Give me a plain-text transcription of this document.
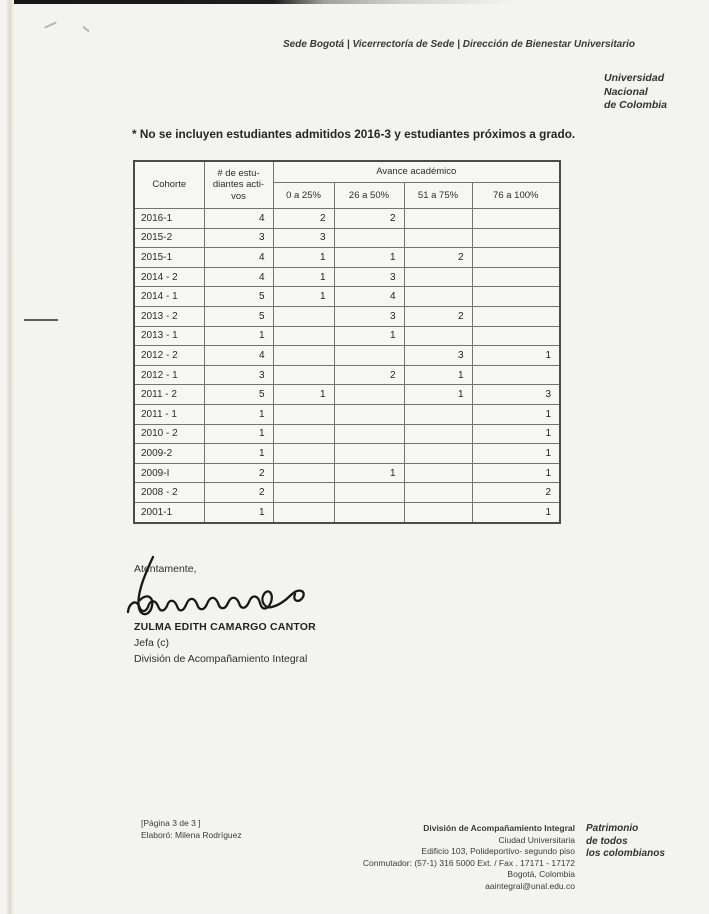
Sede Bogotá | Vicerrectoría de Sede | Dirección de Bienestar Universitario
Universidad
Nacional
de Colombia
* No se incluyen estudiantes admitidos 2016-3 y estudiantes próximos a grado.
Cohorte	# de estu-diantes acti-vos	Avance académico			
		0 a 25%	26 a 50%	51 a 75%	76 a 100%
2016-1	4	2	2		
2015-2	3	3			
2015-1	4	1	1	2	
2014 - 2	4	1	3		
2014 - 1	5	1	4		
2013 - 2	5		3	2	
2013 - 1	1		1		
2012 - 2	4			3	1
2012 - 1	3		2	1	
2011 - 2	5	1		1	3
2011 - 1	1				1
2010 - 2	1				1
2009-2	1				1
2009-I	2		1		1
2008 - 2	2				2
2001-1	1				1
Atentamente,
ZULMA EDITH CAMARGO CANTOR
Jefa (c)
División de Acompañamiento Integral
[Página 3 de 3 ]
Elaboró: Milena Rodríguez
División de Acompañamiento Integral
Ciudad Universitaria
Edificio 103, Polideportivo- segundo piso
Conmutador: (57-1) 316 5000 Ext. / Fax . 17171 - 17172
Bogotá, Colombia
aaintegral@unal.edu.co
Patrimonio
de todos
los colombianos
